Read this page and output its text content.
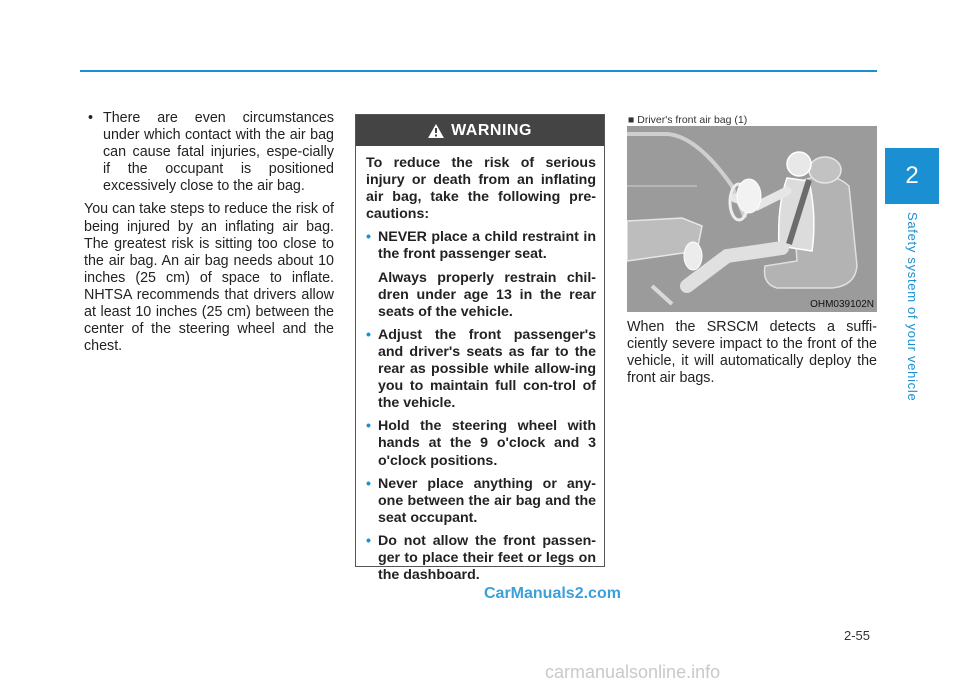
2
Safety system of your vehicle
• There are even circumstances under which contact with the air bag can cause fatal injuries, espe-cially if the occupant is positioned excessively close to the air bag.

You can take steps to reduce the risk of being injured by an inflating air bag. The greatest risk is sitting too close to the air bag. An air bag needs about 10 inches (25 cm) of space to inflate. NHTSA recommends that drivers allow at least 10 inches (25 cm) between the center of the steering wheel and the chest.

WARNING

To reduce the risk of serious injury or death from an inflating air bag, take the following pre-cautions:

• NEVER place a child restraint in the front passenger seat.

Always properly restrain chil-dren under age 13 in the rear seats of the vehicle.

• Adjust the front passenger's and driver's seats as far to the rear as possible while allow-ing you to maintain full con-trol of the vehicle.

• Hold the steering wheel with hands at the 9 o'clock and 3 o'clock positions.

• Never place anything or any-one between the air bag and the seat occupant.

• Do not allow the front passen-ger to place their feet or legs on the dashboard.

■ Driver's front air bag (1)
OHM039102N

When the SRSCM detects a suffi-ciently severe impact to the front of the vehicle, it will automatically deploy the front air bags.

CarManuals2.com
2-55
carmanualsonline.info
